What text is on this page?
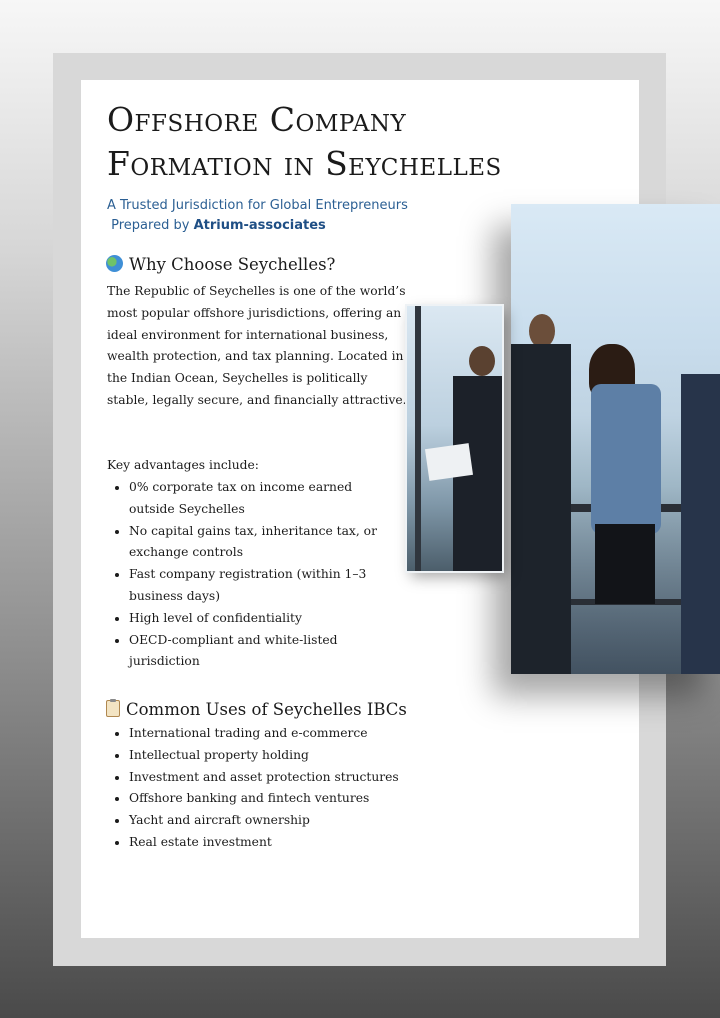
Offshore Company
Formation in Seychelles
A Trusted Jurisdiction for Global Entrepreneurs
Prepared by Atrium-associates
Why Choose Seychelles?

The Republic of Seychelles is one of the world’s most popular offshore jurisdictions, offering an ideal environment for international business, wealth protection, and tax planning. Located in the Indian Ocean, Seychelles is politically stable, legally secure, and financially attractive.

Key advantages include:

• 0% corporate tax on income earned outside Seychelles
• No capital gains tax, inheritance tax, or exchange controls
• Fast company registration (within 1–3 business days)
• High level of confidentiality
• OECD-compliant and white-listed jurisdiction
Common Uses of Seychelles IBCs
• International trading and e-commerce
• Intellectual property holding
• Investment and asset protection structures
• Offshore banking and fintech ventures
• Yacht and aircraft ownership
• Real estate investment
